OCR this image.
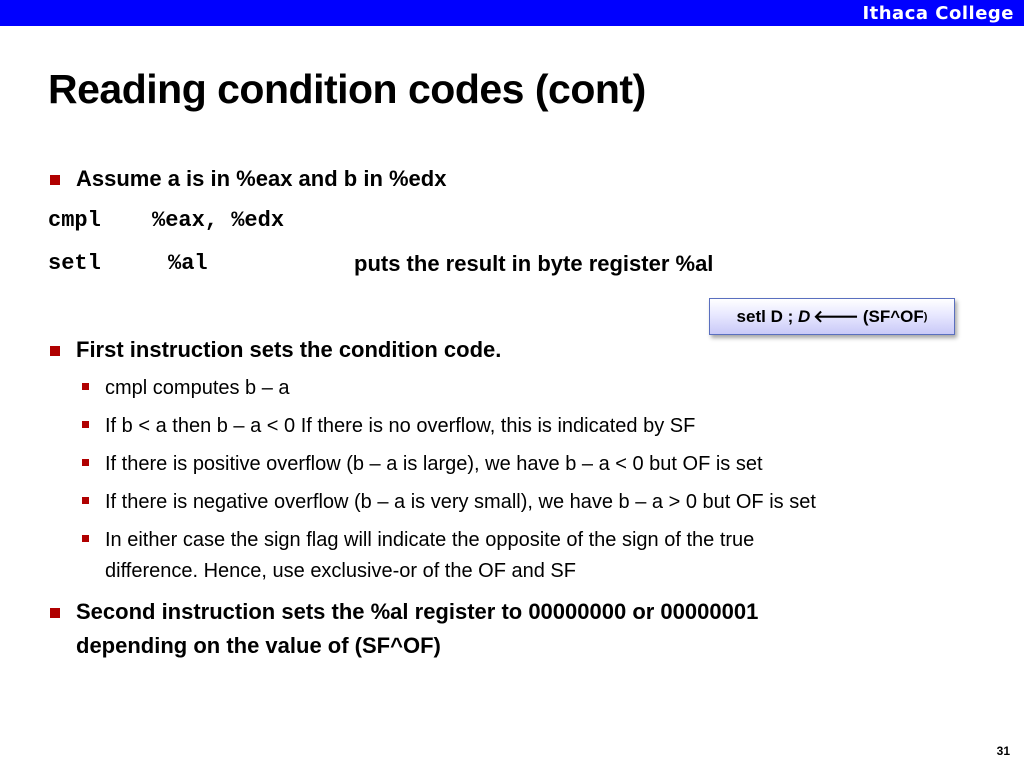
Ithaca College
Reading condition codes (cont)
Assume a is in %eax and b in %edx
cmpl %eax, %edx
setl	%al	puts the result in byte register %al
setl D ;
D 🡐 (SF^OF )
First instruction sets the condition code.
cmpl computes b – a
If b < a then b – a < 0 If there is no overflow, this is indicated by SF
If there is positive overflow (b – a is large), we have b – a < 0 but OF is set
If there is negative overflow (b – a is very small), we have b – a > 0 but OF is set
In either case the sign flag will indicate the opposite of the sign of the true
difference. Hence, use exclusive-or of the OF and SF
Second instruction sets the %al register to 00000000 or 00000001
depending on the value of (SF^OF)
31
